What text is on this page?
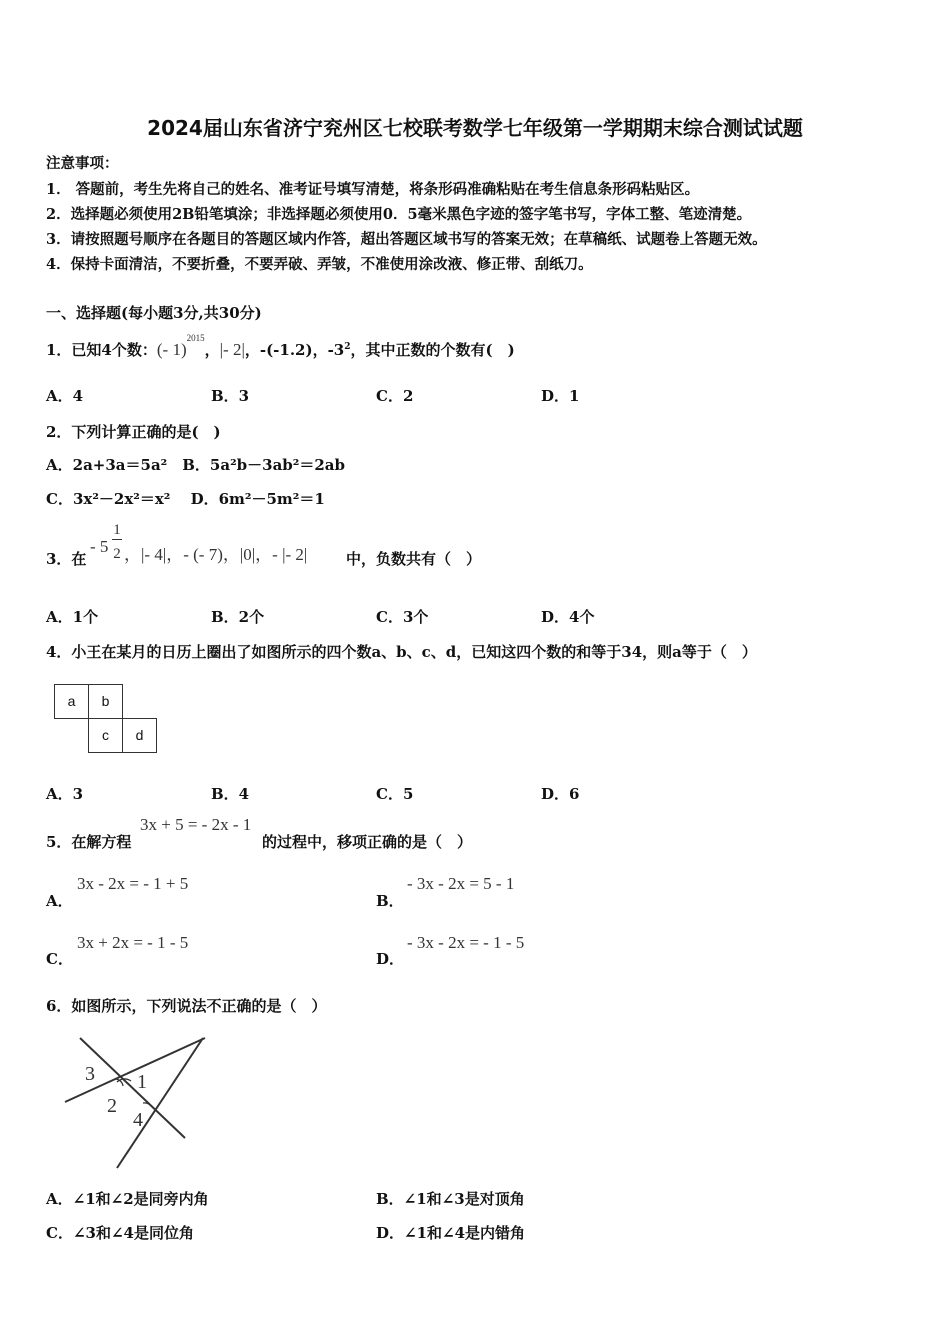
2024届山东省济宁兖州区七校联考数学七年级第一学期期末综合测试试题
注意事项：
1． 答题前，考生先将自己的姓名、准考证号填写清楚，将条形码准确粘贴在考生信息条形码粘贴区。
2．选择题必须使用2B铅笔填涂；非选择题必须使用0．5毫米黑色字迹的签字笔书写，字体工整、笔迹清楚。
3．请按照题号顺序在各题目的答题区域内作答，超出答题区域书写的答案无效；在草稿纸、试题卷上答题无效。
4．保持卡面清洁，不要折叠，不要弄破、弄皱，不准使用涂改液、修正带、刮纸刀。
一、选择题(每小题3分,共30分)
1．已知4个数：(- 1)$^{2015}$，|- 2|，-(-1.2)，$-3^2$，其中正数的个数有(　)
A．4	B．3	C．2	D．1
2．下列计算正确的是(　)
A．2a+3a＝5a²　B．5a²b－3ab²＝2ab
C．3x²－2x²＝x²　 D．6m²－5m²＝1
3．在
- 5
1
2 ，|- 4|，- (- 7)，|0|，- |- 2|	中，负数共有（　）
A．1个	B．2个	C．3个	D．4个
4．小王在某月的日历上圈出了如图所示的四个数a、b、c、d，已知这四个数的和等于34，则a等于（　）
a	b
c	d
A．3	B．4	C．5	D．6
5．在解方程
3x + 5 = - 2x - 1
的过程中，移项正确的是（　）
A．
3x - 2x = - 1 + 5
B．
- 3x - 2x = 5 - 1
C．
3x + 2x = - 1 - 5
D．
- 3x - 2x = - 1 - 5
6．如图所示，下列说法不正确的是（　）
3 1
2
4
A．∠1和∠2是同旁内角	B．∠1和∠3是对顶角
C．∠3和∠4是同位角	D．∠1和∠4是内错角
